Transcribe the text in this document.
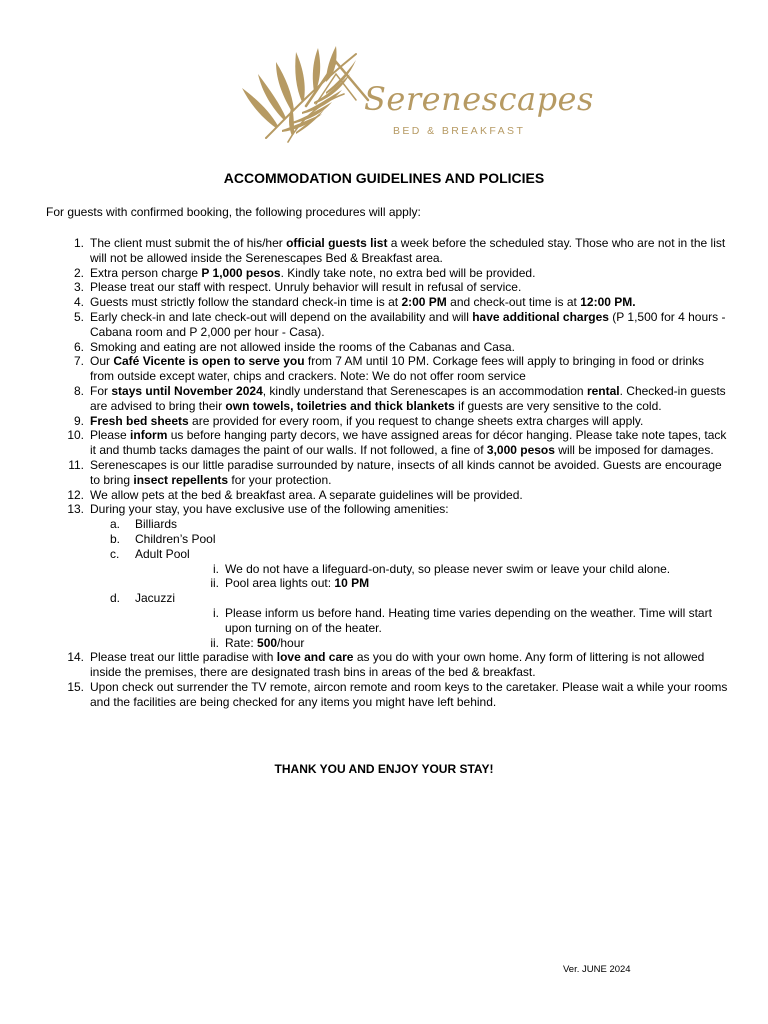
Serenescapes
BED & BREAKFAST
ACCOMMODATION GUIDELINES AND POLICIES

For guests with confirmed booking, the following procedures will apply:

1. The client must submit the of his/her official guests list a week before the scheduled stay. Those who are not in the list will not be allowed inside the Serenescapes Bed & Breakfast area.
2. Extra person charge P 1,000 pesos. Kindly take note, no extra bed will be provided.
3. Please treat our staff with respect. Unruly behavior will result in refusal of service.
4. Guests must strictly follow the standard check-in time is at 2:00 PM and check-out time is at 12:00 PM.
5. Early check-in and late check-out will depend on the availability and will have additional charges (P 1,500 for 4 hours - Cabana room and P 2,000 per hour - Casa).
6. Smoking and eating are not allowed inside the rooms of the Cabanas and Casa.
7. Our Café Vicente is open to serve you from 7 AM until 10 PM. Corkage fees will apply to bringing in food or drinks from outside except water, chips and crackers. Note: We do not offer room service
8. For stays until November 2024, kindly understand that Serenescapes is an accommodation rental. Checked-in guests are advised to bring their own towels, toiletries and thick blankets if guests are very sensitive to the cold.
9. Fresh bed sheets are provided for every room, if you request to change sheets extra charges will apply.
10. Please inform us before hanging party decors, we have assigned areas for décor hanging. Please take note tapes, tack it and thumb tacks damages the paint of our walls. If not followed, a fine of 3,000 pesos will be imposed for damages.
11. Serenescapes is our little paradise surrounded by nature, insects of all kinds cannot be avoided. Guests are encourage to bring insect repellents for your protection.
12. We allow pets at the bed & breakfast area. A separate guidelines will be provided.
13. During your stay, you have exclusive use of the following amenities:
a. Billiards
b. Children’s Pool
c. Adult Pool
i. We do not have a lifeguard-on-duty, so please never swim or leave your child alone.
ii. Pool area lights out: 10 PM
d. Jacuzzi
i. Please inform us before hand. Heating time varies depending on the weather. Time will start upon turning on of the heater.
ii. Rate: 500/hour
14. Please treat our little paradise with love and care as you do with your own home. Any form of littering is not allowed inside the premises, there are designated trash bins in areas of the bed & breakfast.
15. Upon check out surrender the TV remote, aircon remote and room keys to the caretaker. Please wait a while your rooms and the facilities are being checked for any items you might have left behind.

THANK YOU AND ENJOY YOUR STAY!

Ver. JUNE 2024
